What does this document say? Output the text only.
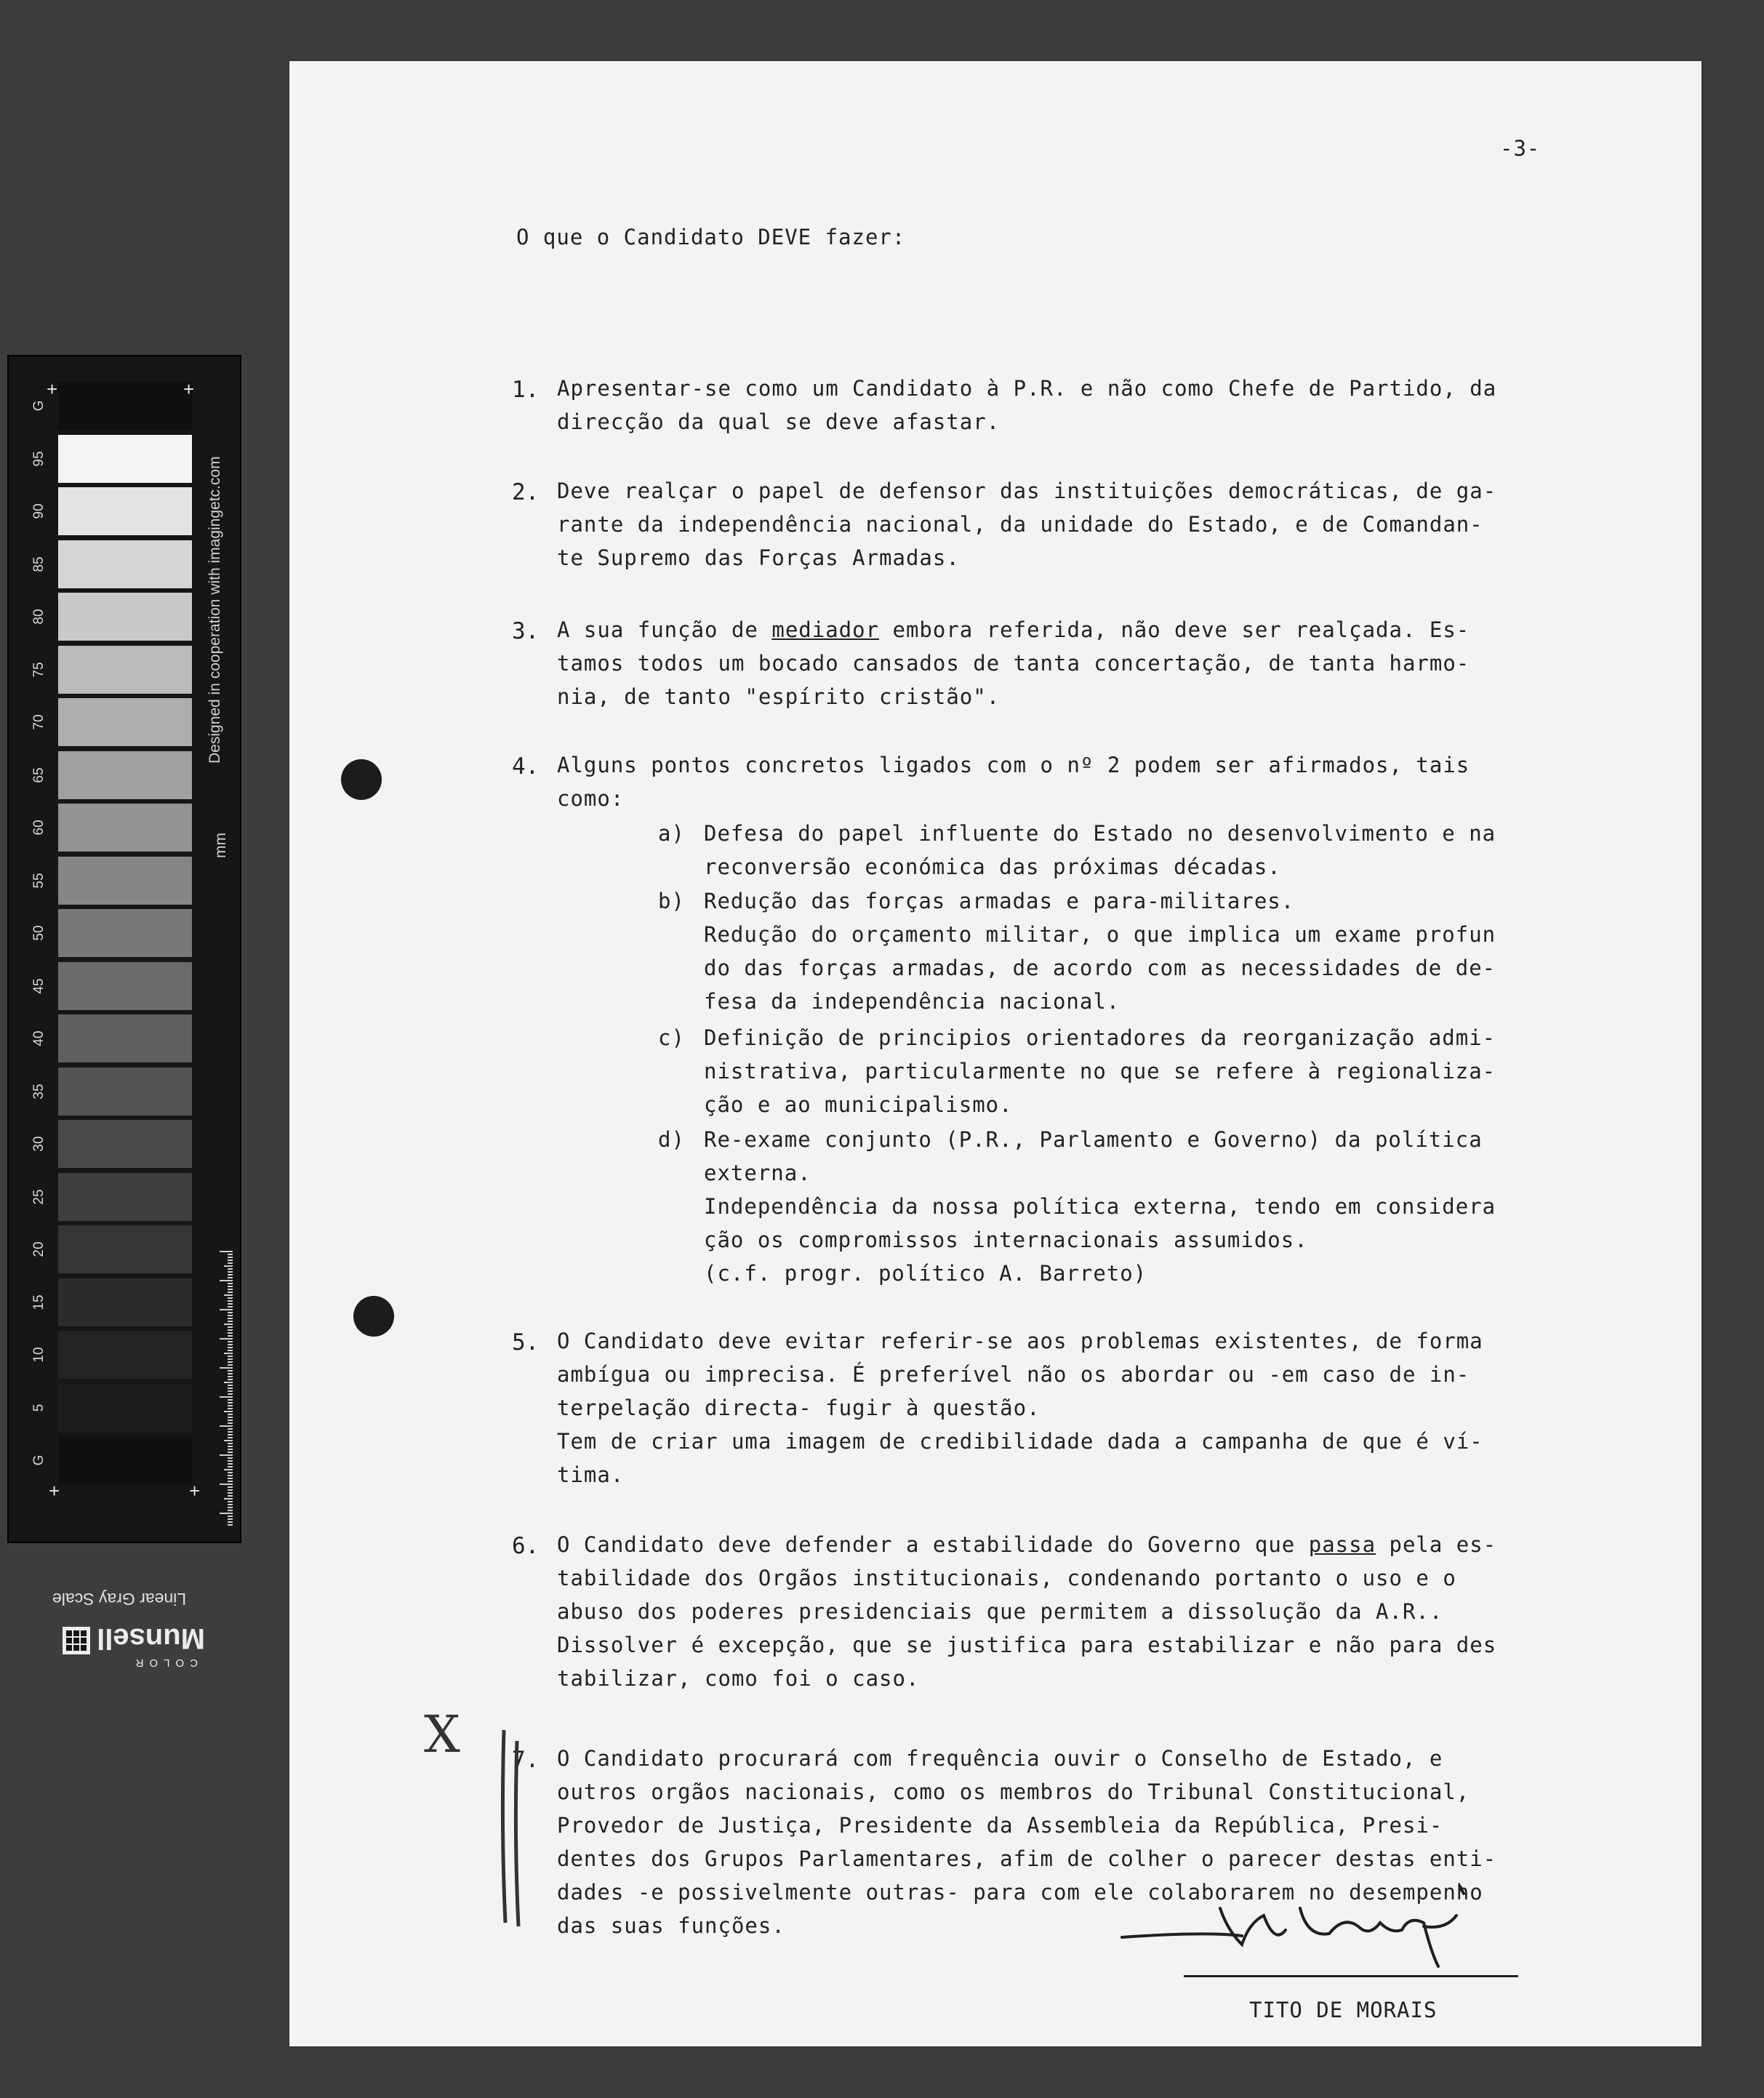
G
95
90
85
80
75
70
65
60
55
50
45
40
35
30
25
20
15
10
5
G
+	+
+	+
Designed in cooperation with imagingetc.com
mm
Linear Gray Scale
COLOR
Munsell
-3-
O que o Candidato DEVE fazer:
1. Apresentar-se como um Candidato à P.R. e não como Chefe de Partido, da
direcção da qual se deve afastar.
2. Deve realçar o papel de defensor das instituições democráticas, de ga-
rante da independência nacional, da unidade do Estado, e de Comandan-
te Supremo das Forças Armadas.
3. A sua função de mediador embora referida, não deve ser realçada. Es-
tamos todos um bocado cansados de tanta concertação, de tanta harmo-
nia, de tanto "espírito cristão".
4. Alguns pontos concretos ligados com o nº 2 podem ser afirmados, tais
como:
a) Defesa do papel influente do Estado no desenvolvimento e na
reconversão económica das próximas décadas.
b) Redução das forças armadas e para-militares.
Redução do orçamento militar, o que implica um exame profun
do das forças armadas, de acordo com as necessidades de de-
fesa da independência nacional.
c) Definição de principios orientadores da reorganização admi-
nistrativa, particularmente no que se refere à regionaliza-
ção e ao municipalismo.
d) Re-exame conjunto (P.R., Parlamento e Governo) da política
externa.
Independência da nossa política externa, tendo em considera
ção os compromissos internacionais assumidos.
(c.f. progr. político A. Barreto)
5. O Candidato deve evitar referir-se aos problemas existentes, de forma
ambígua ou imprecisa. É preferível não os abordar ou -em caso de in-
terpelação directa- fugir à questão.
Tem de criar uma imagem de credibilidade dada a campanha de que é ví-
tima.
6. O Candidato deve defender a estabilidade do Governo que passa pela es-
tabilidade dos Orgãos institucionais, condenando portanto o uso e o
abuso dos poderes presidenciais que permitem a dissolução da A.R..
Dissolver é excepção, que se justifica para estabilizar e não para des
tabilizar, como foi o caso.
7. O Candidato procurará com frequência ouvir o Conselho de Estado, e
outros orgãos nacionais, como os membros do Tribunal Constitucional,
Provedor de Justiça, Presidente da Assembleia da República, Presi-
dentes dos Grupos Parlamentares, afim de colher o parecer destas enti-
dades -e possivelmente outras- para com ele colaborarem no desempenho
das suas funções.
X
TITO DE MORAIS
